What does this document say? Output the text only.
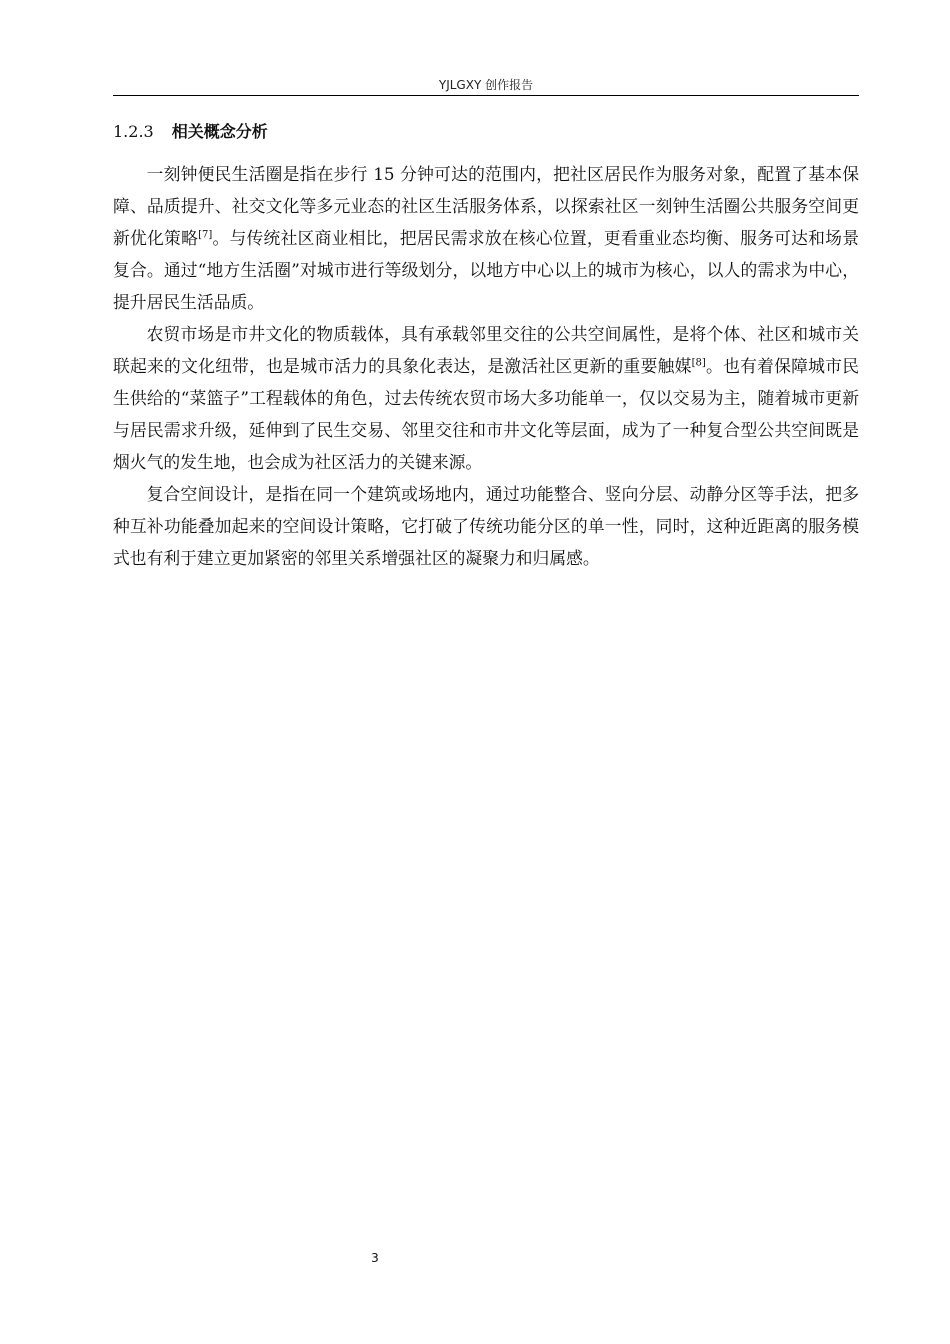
YJLGXY 创作报告
1.2.3 相关概念分析

一刻钟便民生活圈是指在步行 15 分钟可达的范围内，把社区居民作为服务对象，配置了基本保障、品质提升、社交文化等多元业态的社区生活服务体系，以探索社区一刻钟生活圈公共服务空间更新优化策略[7]。与传统社区商业相比，把居民需求放在核心位置，更看重业态均衡、服务可达和场景复合。通过“地方生活圈”对城市进行等级划分，以地方中心以上的城市为核心，以人的需求为中心，提升居民生活品质。

农贸市场是市井文化的物质载体，具有承载邻里交往的公共空间属性，是将个体、社区和城市关联起来的文化纽带，也是城市活力的具象化表达，是激活社区更新的重要触媒[8]。也有着保障城市民生供给的“菜篮子”工程载体的角色，过去传统农贸市场大多功能单一，仅以交易为主，随着城市更新与居民需求升级，延伸到了民生交易、邻里交往和市井文化等层面，成为了一种复合型公共空间既是烟火气的发生地，也会成为社区活力的关键来源。

复合空间设计，是指在同一个建筑或场地内，通过功能整合、竖向分层、动静分区等手法，把多种互补功能叠加起来的空间设计策略，它打破了传统功能分区的单一性，同时，这种近距离的服务模式也有利于建立更加紧密的邻里关系增强社区的凝聚力和归属感。

3
